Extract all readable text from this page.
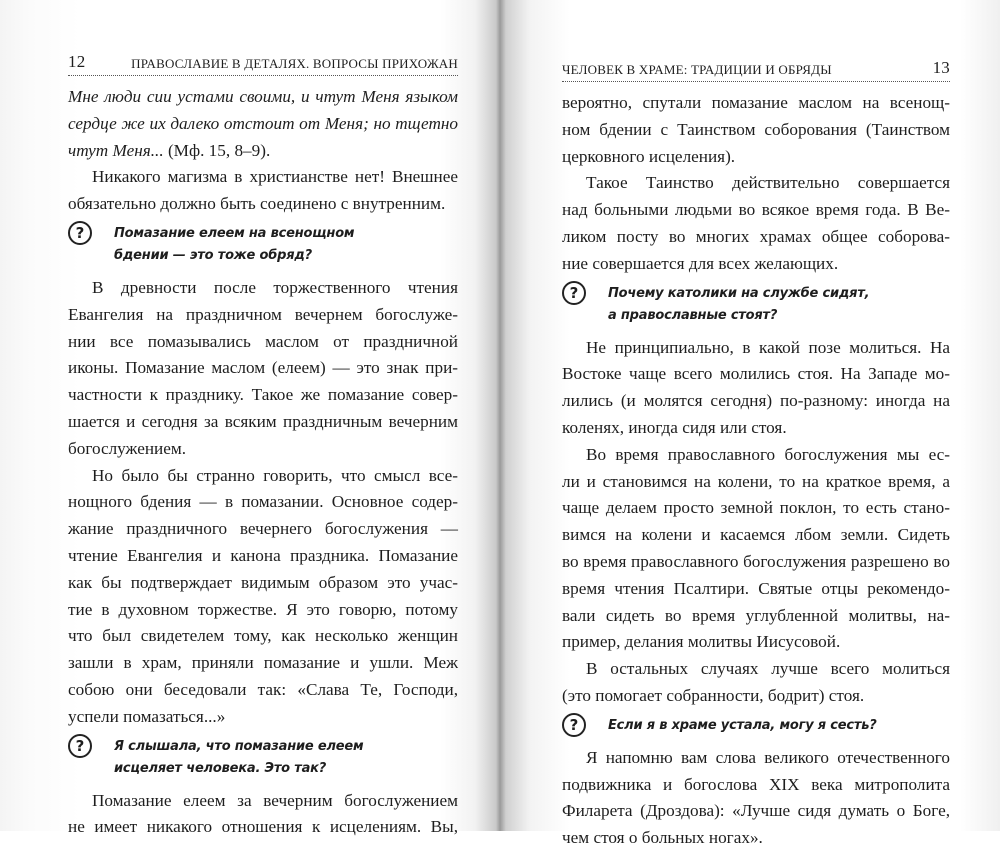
12	ПРАВОСЛАВИЕ В ДЕТАЛЯХ. ВОПРОСЫ ПРИХОЖАН
Мне люди сии устами своими, и чтут Меня языком
сердце же их далеко отстоит от Меня; но тщетно
чтут Меня... (Мф. 15, 8–9).
Никакого магизма в христианстве нет! Внешнее
обязательно должно быть соединено с внутренним.
?	Помазание елеем на всенощном
бдении — это тоже обряд?
В древности после торжественного чтения
Евангелия на праздничном вечернем богослуже-
нии все помазывались маслом от праздничной
иконы. Помазание маслом (елеем) — это знак при-
частности к празднику. Такое же помазание совер-
шается и сегодня за всяким праздничным вечерним
богослужением.
Но было бы странно говорить, что смысл все-
нощного бдения — в помазании. Основное содер-
жание праздничного вечернего богослужения —
чтение Евангелия и канона праздника. Помазание
как бы подтверждает видимым образом это учас-
тие в духовном торжестве. Я это говорю, потому
что был свидетелем тому, как несколько женщин
зашли в храм, приняли помазание и ушли. Меж
собою они беседовали так: «Слава Те, Господи,
успели помазаться...»
?	Я слышала, что помазание елеем
исцеляет человека. Это так?
Помазание елеем за вечерним богослужением
не имеет никакого отношения к исцелениям. Вы,
ЧЕЛОВЕК В ХРАМЕ: ТРАДИЦИИ И ОБРЯДЫ	13
вероятно, спутали помазание маслом на всенощ-
ном бдении с Таинством соборования (Таинством
церковного исцеления).
Такое Таинство действительно совершается
над больными людьми во всякое время года. В Ве-
ликом посту во многих храмах общее соборова-
ние совершается для всех желающих.
?	Почему католики на службе сидят,
а православные стоят?
Не принципиально, в какой позе молиться. На
Востоке чаще всего молились стоя. На Западе мо-
лились (и молятся сегодня) по-разному: иногда на
коленях, иногда сидя или стоя.
Во время православного богослужения мы ес-
ли и становимся на колени, то на краткое время, а
чаще делаем просто земной поклон, то есть стано-
вимся на колени и касаемся лбом земли. Сидеть
во время православного богослужения разрешено во
время чтения Псалтири. Святые отцы рекомендо-
вали сидеть во время углубленной молитвы, на-
пример, делания молитвы Иисусовой.
В остальных случаях лучше всего молиться
(это помогает собранности, бодрит) стоя.
?	Если я в храме устала, могу я сесть?
Я напомню вам слова великого отечественного
подвижника и богослова XIX века митрополита
Филарета (Дроздова): «Лучше сидя думать о Боге,
чем стоя о больных ногах».
